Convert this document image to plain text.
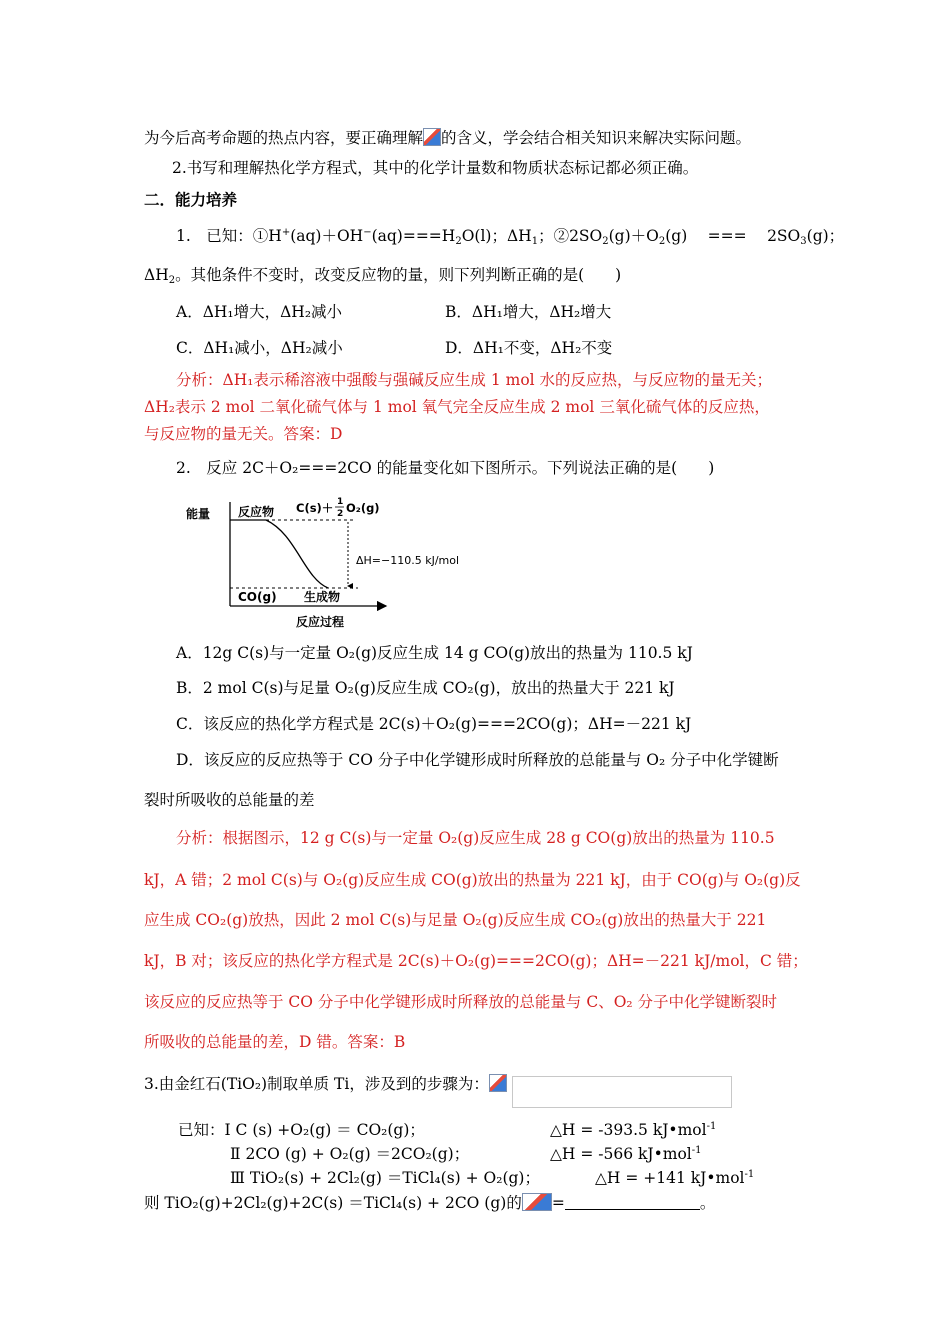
为今后高考命题的热点内容，要正确理解 的含义，学会结合相关知识来解决实际问题。
2.书写和理解热化学方程式，其中的化学计量数和物质状态标记都必须正确。
二．能力培养
1.　已知：$①H^+(aq)+OH^-(aq)===H_2O(l)$；$\Delta H_1$；$②2SO_2(g)+O_2(g)$　 ===　 $2SO_3(g)$；
$\Delta H_2$。其他条件不变时，改变反应物的量，则下列判断正确的是(　　)
A．ΔH₁增大，ΔH₂减小	B．ΔH₁增大，ΔH₂增大
C．ΔH₁减小，ΔH₂减小	D．ΔH₁不变，ΔH₂不变
分析：ΔH₁表示稀溶液中强酸与强碱反应生成 1 mol 水的反应热，与反应物的量无关；
ΔH₂表示 2 mol 二氧化硫气体与 1 mol 氧气完全反应生成 2 mol 三氧化硫气体的反应热，
与反应物的量无关。答案：D
2.　反应 2C＋O₂===2CO 的能量变化如下图所示。下列说法正确的是(　　)
能量 反应物 C(s)＋ 1
2 O₂(g)
ΔH=−110.5 kJ/mol
CO(g) 生成物
反应过程
A．12g C(s)与一定量 O₂(g)反应生成 14 g CO(g)放出的热量为 110.5 kJ
B．2 mol C(s)与足量 O₂(g)反应生成 CO₂(g)，放出的热量大于 221 kJ
C．该反应的热化学方程式是 2C(s)＋O₂(g)===2CO(g)；ΔH=－221 kJ
D．该反应的反应热等于 CO 分子中化学键形成时所释放的总能量与 O₂ 分子中化学键断
裂时所吸收的总能量的差
分析：根据图示，12 g C(s)与一定量 O₂(g)反应生成 28 g CO(g)放出的热量为 110.5
kJ，A 错；2 mol C(s)与 O₂(g)反应生成 CO(g)放出的热量为 221 kJ，由于 CO(g)与 O₂(g)反
应生成 CO₂(g)放热，因此 2 mol C(s)与足量 O₂(g)反应生成 CO₂(g)放出的热量大于 221
kJ，B 对；该反应的热化学方程式是 2C(s)＋O₂(g)===2CO(g)；ΔH=－221 kJ/mol，C 错；
该反应的反应热等于 CO 分子中化学键形成时所释放的总能量与 C、O₂ 分子中化学键断裂时
所吸收的总能量的差，D 错。答案：B
3.由金红石(TiO₂)制取单质 Ti，涉及到的步骤为：
已知：Ⅰ C (s) +O₂(g) ＝ CO₂(g)；	△H = -393.5 kJ•mol$^{-1}$
Ⅱ 2CO (g) + O₂(g) ＝2CO₂(g)；	△H = -566 kJ•mol$^{-1}$
Ⅲ TiO₂(s) + 2Cl₂(g) ＝TiCl₄(s) + O₂(g)；	△H = +141 kJ•mol$^{-1}$
则 TiO₂(g)+2Cl₂(g)+2C(s) ＝TiCl₄(s) + 2CO (g)的 =	。
